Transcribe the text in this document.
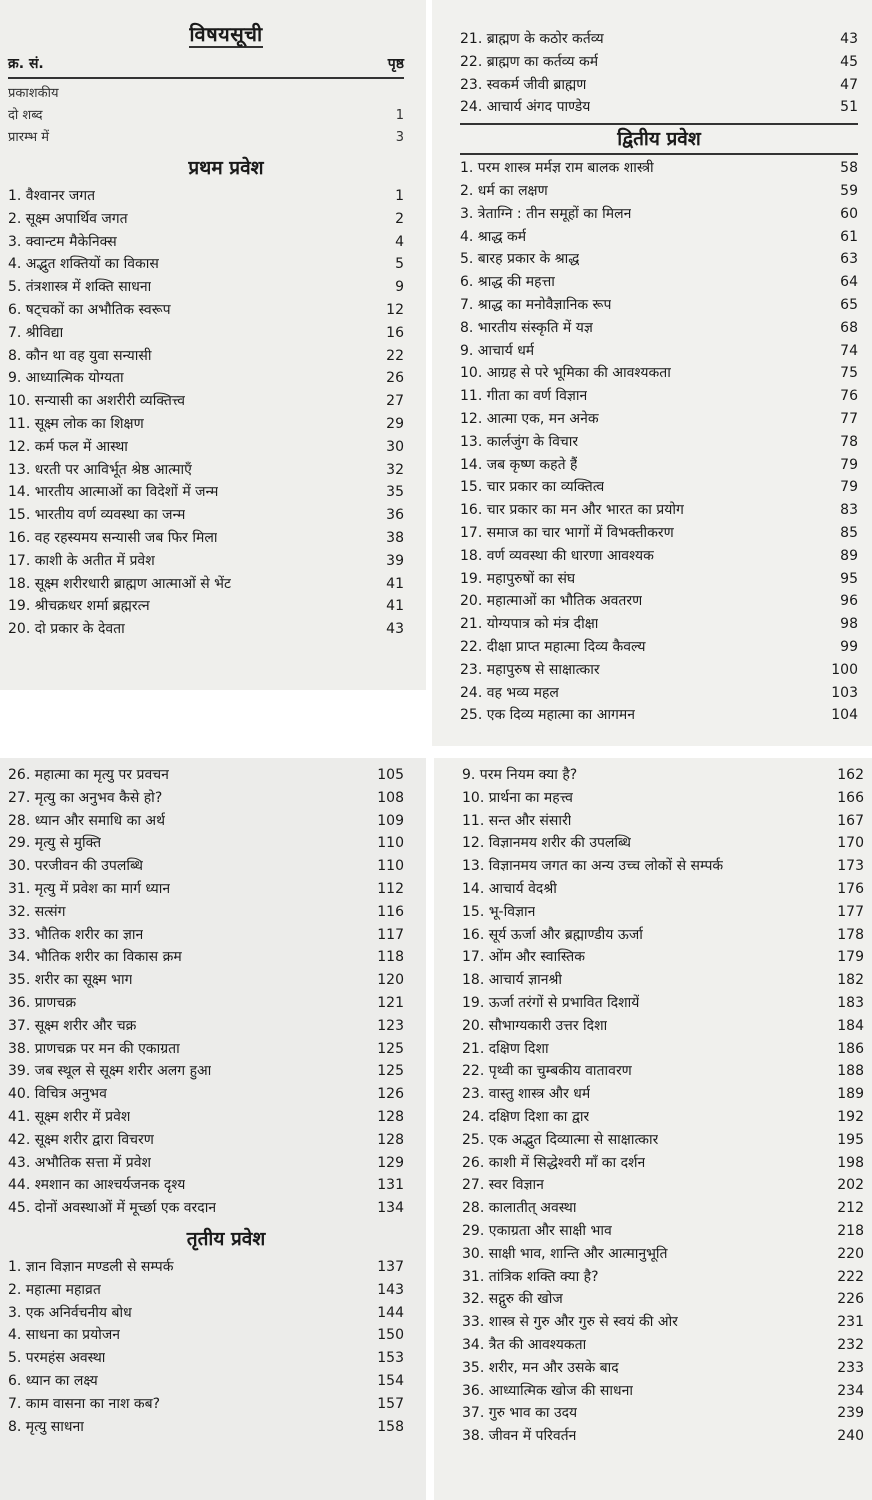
विषयसूची
क्र. सं.	पृष्ठ
प्रकाशकीय
दो शब्द	1
प्रारम्भ में	3
प्रथम प्रवेश
1. वैश्वानर जगत	1
2. सूक्ष्म अपार्थिव जगत	2
3. क्वान्टम मैकेनिक्स	4
4. अद्भुत शक्तियों का विकास	5
5. तंत्रशास्त्र में शक्ति साधना	9
6. षट्चकों का अभौतिक स्वरूप	12
7. श्रीविद्या	16
8. कौन था वह युवा सन्यासी	22
9. आध्यात्मिक योग्यता	26
10. सन्यासी का अशरीरी व्यक्तित्त्व	27
11. सूक्ष्म लोक का शिक्षण	29
12. कर्म फल में आस्था	30
13. धरती पर आविर्भूत श्रेष्ठ आत्माएँ	32
14. भारतीय आत्माओं का विदेशों में जन्म	35
15. भारतीय वर्ण व्यवस्था का जन्म	36
16. वह रहस्यमय सन्यासी जब फिर मिला	38
17. काशी के अतीत में प्रवेश	39
18. सूक्ष्म शरीरधारी ब्राह्मण आत्माओं से भेंट	41
19. श्रीचक्रधर शर्मा ब्रह्मरत्न	41
20. दो प्रकार के देवता	43
21. ब्राह्मण के कठोर कर्तव्य	43
22. ब्राह्मण का कर्तव्य कर्म	45
23. स्वकर्म जीवी ब्राह्मण	47
24. आचार्य अंगद पाण्डेय	51
द्वितीय प्रवेश
1. परम शास्त्र मर्मज्ञ राम बालक शास्त्री	58
2. धर्म का लक्षण	59
3. त्रेताग्नि : तीन समूहों का मिलन	60
4. श्राद्ध कर्म	61
5. बारह प्रकार के श्राद्ध	63
6. श्राद्ध की महत्ता	64
7. श्राद्ध का मनोवैज्ञानिक रूप	65
8. भारतीय संस्कृति में यज्ञ	68
9. आचार्य धर्म	74
10. आग्रह से परे भूमिका की आवश्यकता	75
11. गीता का वर्ण विज्ञान	76
12. आत्मा एक, मन अनेक	77
13. कार्लजुंग के विचार	78
14. जब कृष्ण कहते हैं	79
15. चार प्रकार का व्यक्तित्व	79
16. चार प्रकार का मन और भारत का प्रयोग	83
17. समाज का चार भागों में विभक्तीकरण	85
18. वर्ण व्यवस्था की धारणा आवश्यक	89
19. महापुरुषों का संघ	95
20. महात्माओं का भौतिक अवतरण	96
21. योग्यपात्र को मंत्र दीक्षा	98
22. दीक्षा प्राप्त महात्मा दिव्य कैवल्य	99
23. महापुरुष से साक्षात्कार	100
24. वह भव्य महल	103
25. एक दिव्य महात्मा का आगमन	104
26. महात्मा का मृत्यु पर प्रवचन	105
27. मृत्यु का अनुभव कैसे हो?	108
28. ध्यान और समाधि का अर्थ	109
29. मृत्यु से मुक्ति	110
30. परजीवन की उपलब्धि	110
31. मृत्यु में प्रवेश का मार्ग ध्यान	112
32. सत्संग	116
33. भौतिक शरीर का ज्ञान	117
34. भौतिक शरीर का विकास क्रम	118
35. शरीर का सूक्ष्म भाग	120
36. प्राणचक्र	121
37. सूक्ष्म शरीर और चक्र	123
38. प्राणचक्र पर मन की एकाग्रता	125
39. जब स्थूल से सूक्ष्म शरीर अलग हुआ	125
40. विचित्र अनुभव	126
41. सूक्ष्म शरीर में प्रवेश	128
42. सूक्ष्म शरीर द्वारा विचरण	128
43. अभौतिक सत्ता में प्रवेश	129
44. श्मशान का आश्चर्यजनक दृश्य	131
45. दोनों अवस्थाओं में मूर्च्छा एक वरदान	134
तृतीय प्रवेश
1. ज्ञान विज्ञान मण्डली से सम्पर्क	137
2. महात्मा महाव्रत	143
3. एक अनिर्वचनीय बोध	144
4. साधना का प्रयोजन	150
5. परमहंस अवस्था	153
6. ध्यान का लक्ष्य	154
7. काम वासना का नाश कब?	157
8. मृत्यु साधना	158
9. परम नियम क्या है?	162
10. प्रार्थना का महत्त्व	166
11. सन्त और संसारी	167
12. विज्ञानमय शरीर की उपलब्धि	170
13. विज्ञानमय जगत का अन्य उच्च लोकों से सम्पर्क	173
14. आचार्य वेदश्री	176
15. भू-विज्ञान	177
16. सूर्य ऊर्जा और ब्रह्माण्डीय ऊर्जा	178
17. ओंम और स्वास्तिक	179
18. आचार्य ज्ञानश्री	182
19. ऊर्जा तरंगों से प्रभावित दिशायें	183
20. सौभाग्यकारी उत्तर दिशा	184
21. दक्षिण दिशा	186
22. पृथ्वी का चुम्बकीय वातावरण	188
23. वास्तु शास्त्र और धर्म	189
24. दक्षिण दिशा का द्वार	192
25. एक अद्भुत दिव्यात्मा से साक्षात्कार	195
26. काशी में सिद्धेश्वरी माँ का दर्शन	198
27. स्वर विज्ञान	202
28. कालातीत् अवस्था	212
29. एकाग्रता और साक्षी भाव	218
30. साक्षी भाव, शान्ति और आत्मानुभूति	220
31. तांत्रिक शक्ति क्या है?	222
32. सद्गुरु की खोज	226
33. शास्त्र से गुरु और गुरु से स्वयं की ओर	231
34. त्रैत की आवश्यकता	232
35. शरीर, मन और उसके बाद	233
36. आध्यात्मिक खोज की साधना	234
37. गुरु भाव का उदय	239
38. जीवन में परिवर्तन	240
